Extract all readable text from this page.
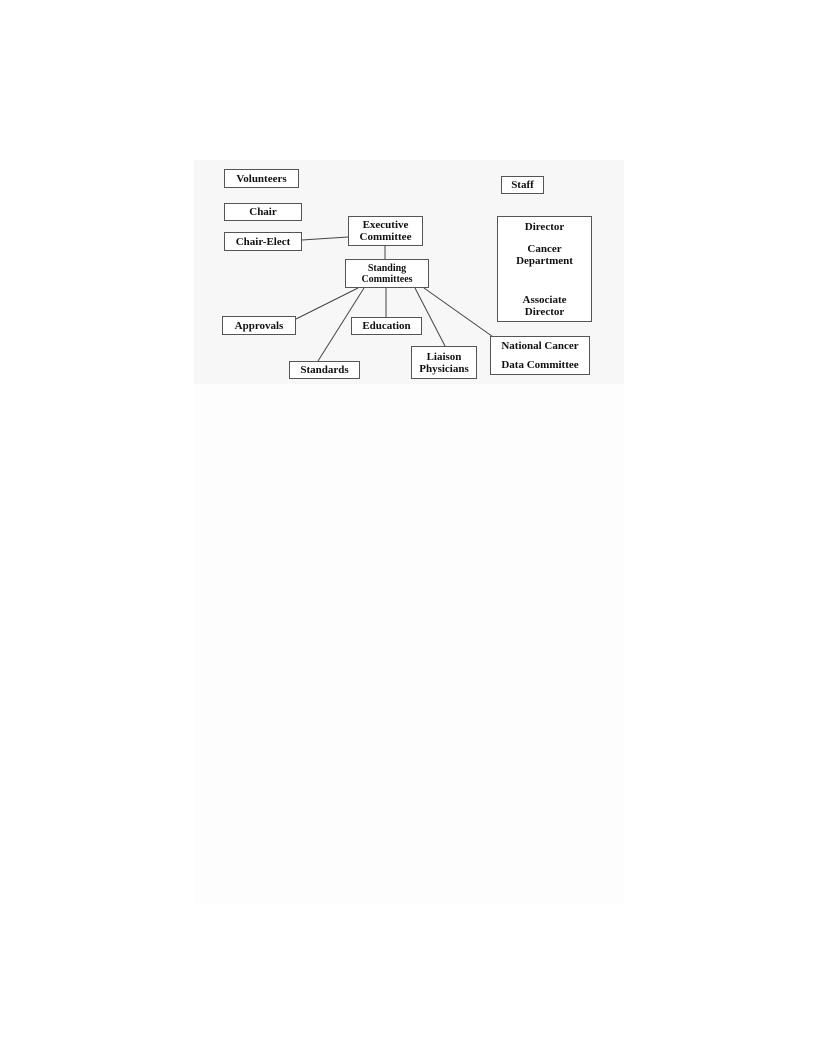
Volunteers
Staff
Chair
Chair-Elect
Executive
Committee
Standing
Committees
Approvals	Education
Standards
Liaison
Physicians
National Cancer
Data Committee
Director
Cancer
Department
Associate
Director
